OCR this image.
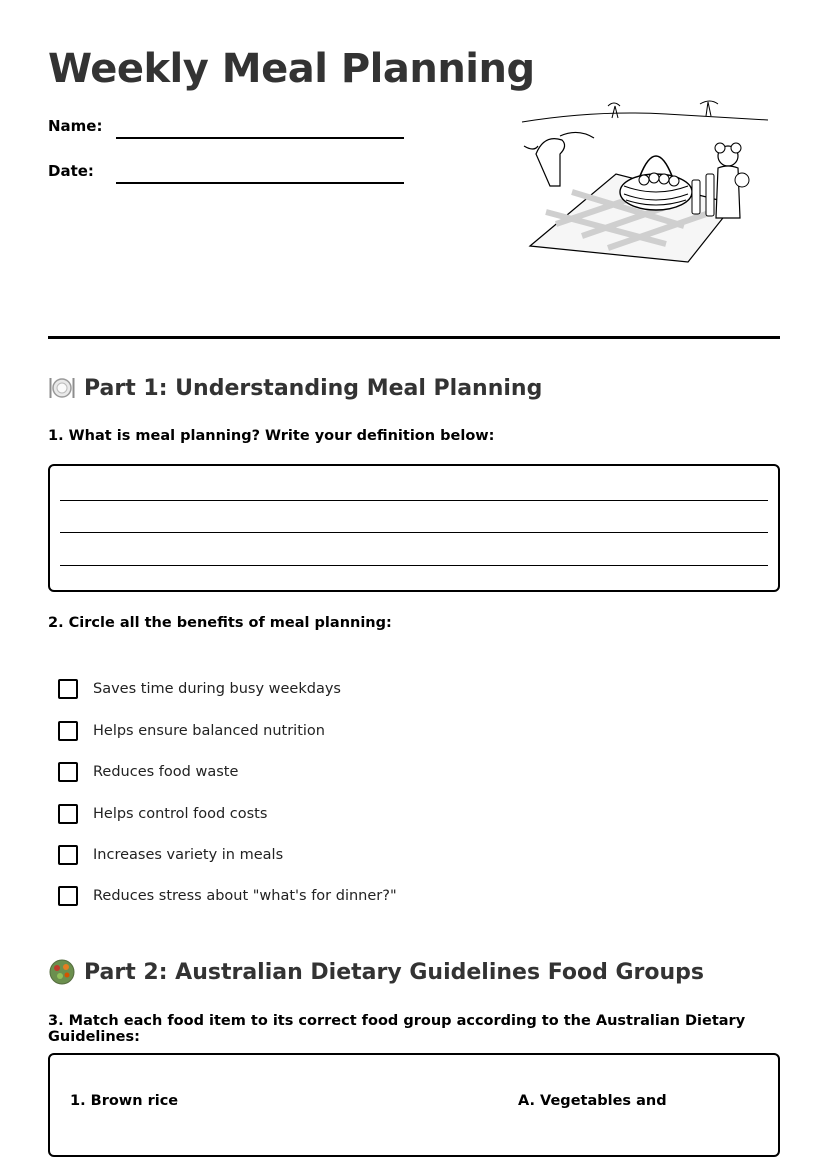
Weekly Meal Planning
Name:
Date:
Part 1: Understanding Meal Planning

1. What is meal planning? Write your definition below:

2. Circle all the benefits of meal planning:

Saves time during busy weekdays
Helps ensure balanced nutrition
Reduces food waste
Helps control food costs
Increases variety in meals
Reduces stress about "what's for dinner?"
Part 2: Australian Dietary Guidelines Food Groups

3. Match each food item to its correct food group according to the Australian Dietary Guidelines:

1. Brown rice	A. Vegetables and
